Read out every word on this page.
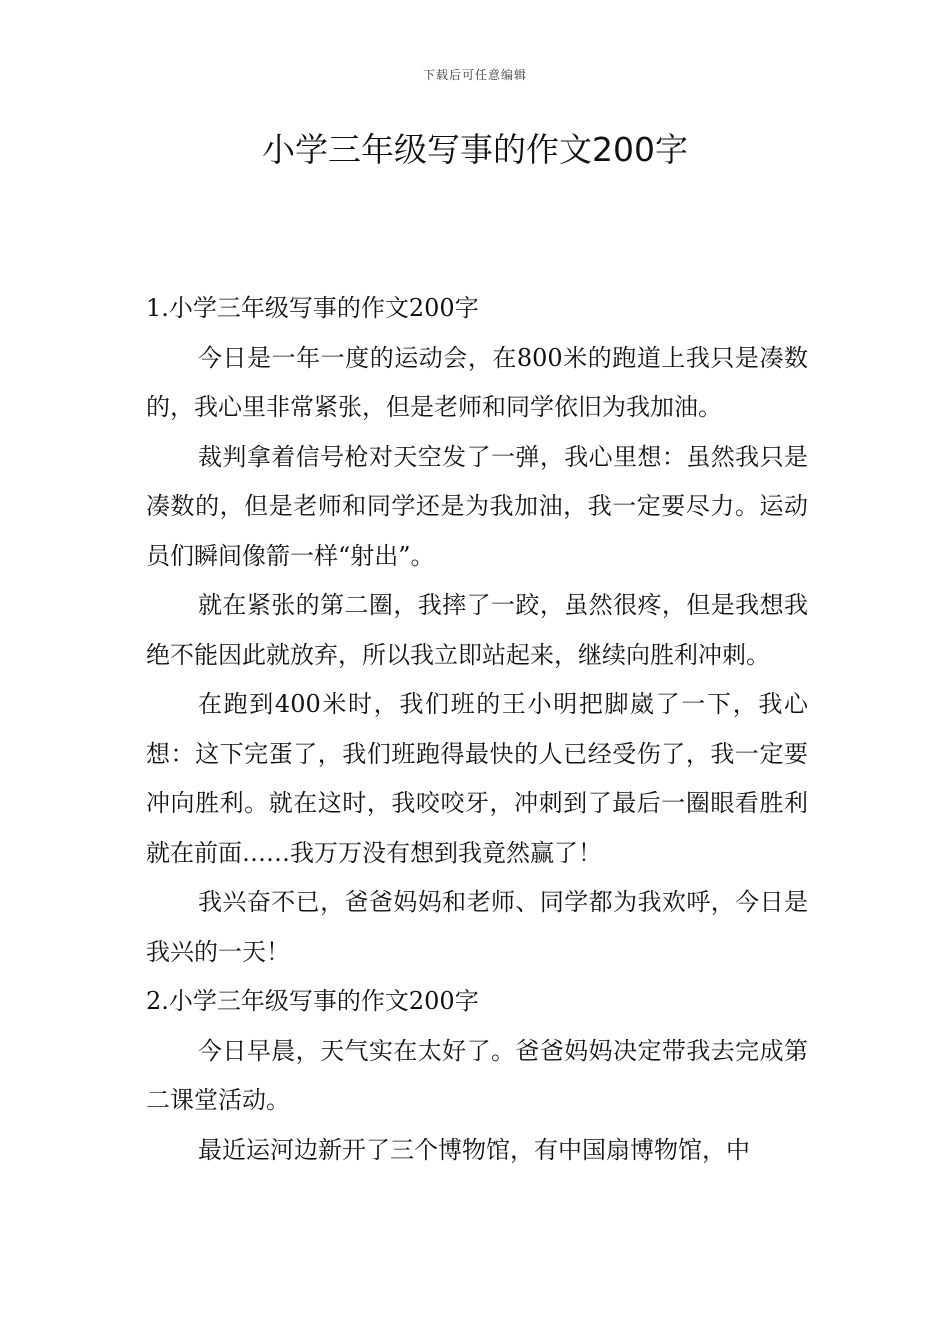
下载后可任意编辑
小学三年级写事的作文200字

1.小学三年级写事的作文200字

今日是一年一度的运动会，在800米的跑道上我只是凑数的，我心里非常紧张，但是老师和同学依旧为我加油。

裁判拿着信号枪对天空发了一弹，我心里想：虽然我只是凑数的，但是老师和同学还是为我加油，我一定要尽力。运动员们瞬间像箭一样“射出”。

就在紧张的第二圈，我摔了一跤，虽然很疼，但是我想我绝不能因此就放弃，所以我立即站起来，继续向胜利冲刺。

在跑到400米时，我们班的王小明把脚崴了一下，我心想：这下完蛋了，我们班跑得最快的人已经受伤了，我一定要冲向胜利。就在这时，我咬咬牙，冲刺到了最后一圈眼看胜利就在前面……我万万没有想到我竟然赢了！

我兴奋不已，爸爸妈妈和老师、同学都为我欢呼，今日是我兴的一天！

2.小学三年级写事的作文200字

今日早晨，天气实在太好了。爸爸妈妈决定带我去完成第二课堂活动。

最近运河边新开了三个博物馆，有中国扇博物馆，中
